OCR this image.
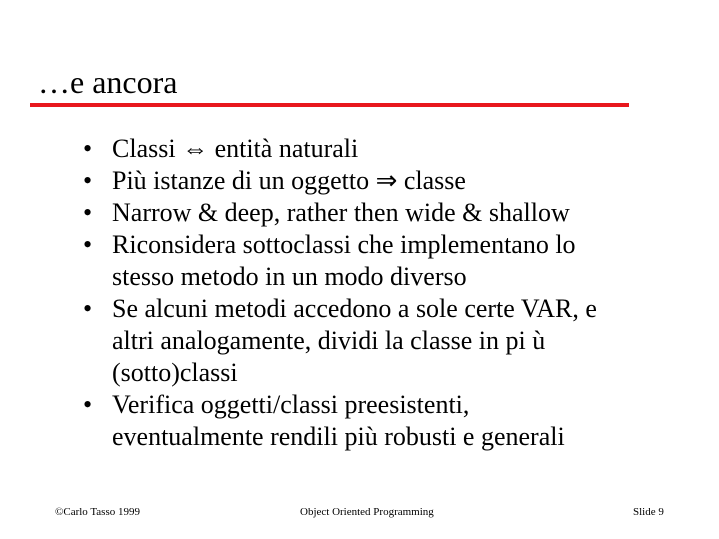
…e ancora
• Classi ⇔ entità naturali
• Più istanze di un oggetto ⇒ classe
• Narrow & deep, rather then wide & shallow
• Riconsidera sottoclassi che implementano lo
stesso metodo in un modo diverso
• Se alcuni metodi accedono a sole certe VAR, e
altri analogamente, dividi la classe in pi ù
(sotto)classi
• Verifica oggetti/classi preesistenti,
eventualmente rendili più robusti e generali
©Carlo Tasso 1999	Object Oriented Programming	Slide 9
